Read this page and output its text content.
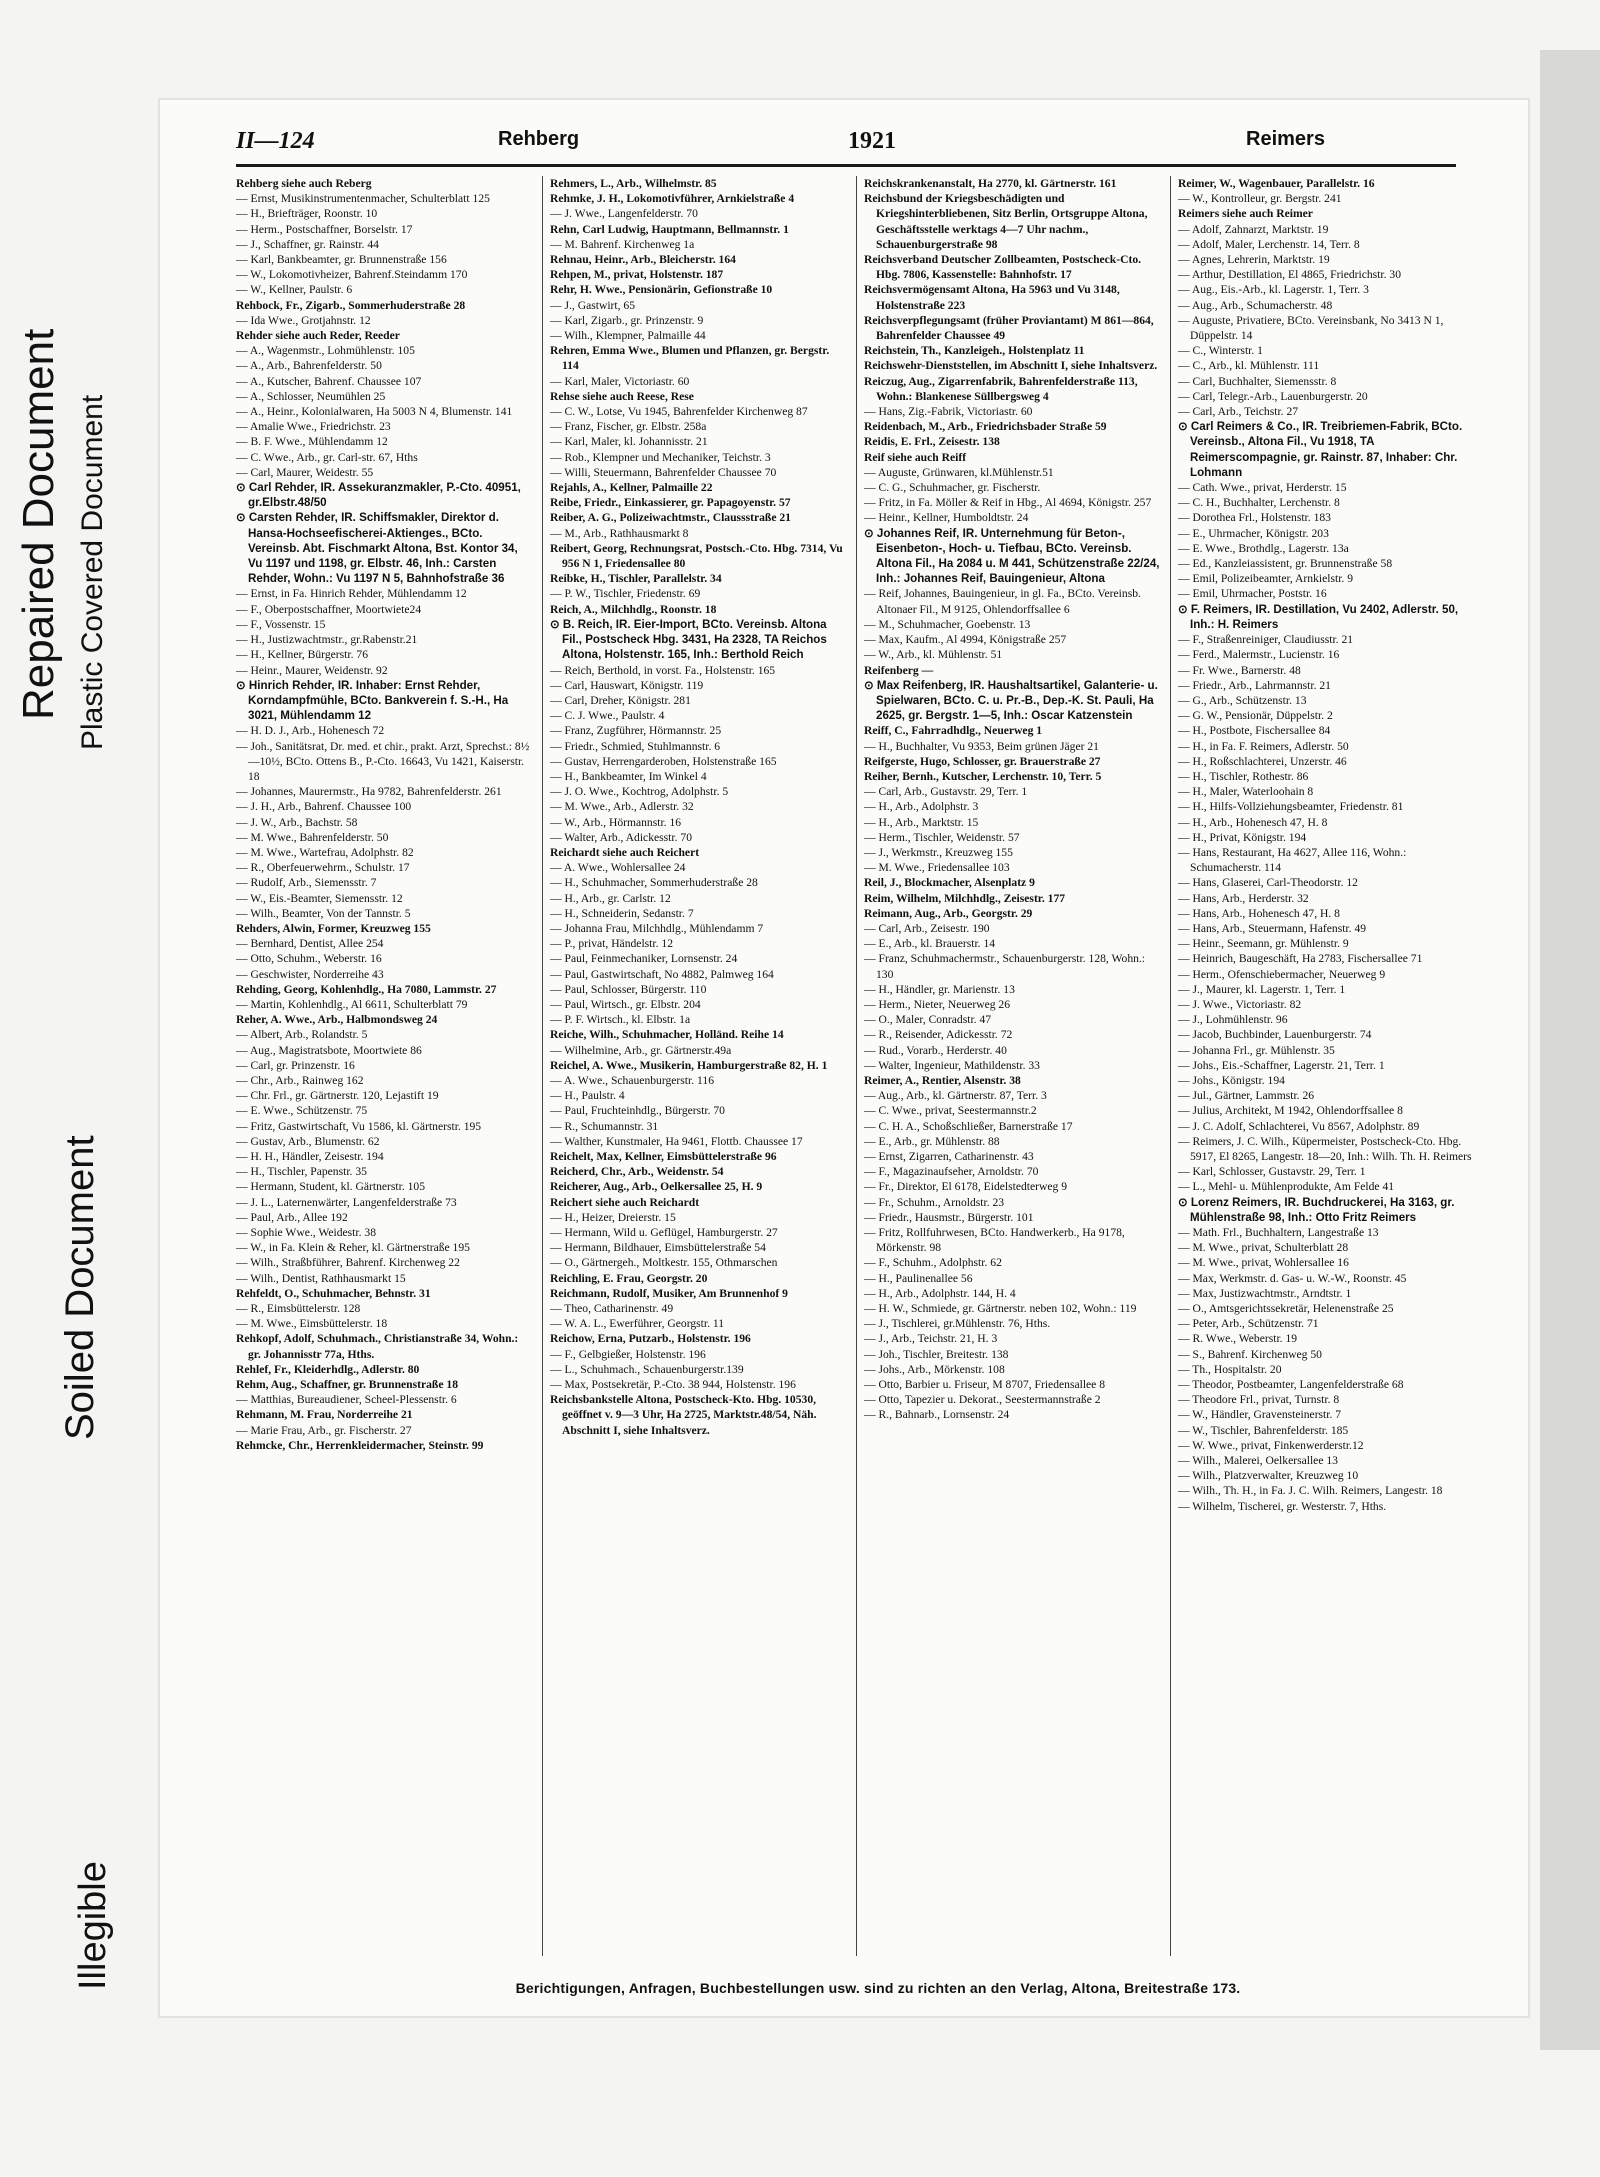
Repaired Document Plastic Covered Document
Soiled Document
Illegible
II—124	Rehberg	1921	Reimers

Rehberg siehe auch Reberg

— Ernst, Musikinstrumentenmacher, Schulterblatt 125

— H., Briefträger, Roonstr. 10

— Herm., Postschaffner, Borselstr. 17

— J., Schaffner, gr. Rainstr. 44

— Karl, Bankbeamter, gr. Brunnenstraße 156

— W., Lokomotivheizer, Bahrenf.Steindamm 170

— W., Kellner, Paulstr. 6

Rehbock, Fr., Zigarb., Sommerhuderstraße 28

— Ida Wwe., Grotjahnstr. 12

Rehder siehe auch Reder, Reeder

— A., Wagenmstr., Lohmühlenstr. 105

— A., Arb., Bahrenfelderstr. 50

— A., Kutscher, Bahrenf. Chaussee 107

— A., Schlosser, Neumühlen 25

— A., Heinr., Kolonialwaren, Ha 5003 N 4, Blumenstr. 141

— Amalie Wwe., Friedrichstr. 23

— B. F. Wwe., Mühlendamm 12

— C. Wwe., Arb., gr. Carl-str. 67, Hths

— Carl, Maurer, Weidestr. 55

⊙ Carl Rehder, IR. Assekuranzmakler, P.-Cto. 40951, gr.Elbstr.48/50

⊙ Carsten Rehder, IR. Schiffsmakler, Direktor d. Hansa-Hochseefischerei-Aktienges., BCto. Vereinsb. Abt. Fischmarkt Altona, Bst. Kontor 34, Vu 1197 und 1198, gr. Elbstr. 46, Inh.: Carsten Rehder, Wohn.: Vu 1197 N 5, Bahnhofstraße 36

— Ernst, in Fa. Hinrich Rehder, Mühlendamm 12

— F., Oberpostschaffner, Moortwiete24

— F., Vossenstr. 15

— H., Justizwachtmstr., gr.Rabenstr.21

— H., Kellner, Bürgerstr. 76

— Heinr., Maurer, Weidenstr. 92

⊙ Hinrich Rehder, IR. Inhaber: Ernst Rehder, Korndampfmühle, BCto. Bankverein f. S.-H., Ha 3021, Mühlendamm 12

— H. D. J., Arb., Hohenesch 72

— Joh., Sanitätsrat, Dr. med. et chir., prakt. Arzt, Sprechst.: 8½—10½, BCto. Ottens B., P.-Cto. 16643, Vu 1421, Kaiserstr. 18

— Johannes, Maurermstr., Ha 9782, Bahrenfelderstr. 261

— J. H., Arb., Bahrenf. Chaussee 100

— J. W., Arb., Bachstr. 58

— M. Wwe., Bahrenfelderstr. 50

— M. Wwe., Wartefrau, Adolphstr. 82

— R., Oberfeuerwehrm., Schulstr. 17

— Rudolf, Arb., Siemensstr. 7

— W., Eis.-Beamter, Siemensstr. 12

— Wilh., Beamter, Von der Tannstr. 5

Rehders, Alwin, Former, Kreuzweg 155

— Bernhard, Dentist, Allee 254

— Otto, Schuhm., Weberstr. 16

— Geschwister, Norderreihe 43

Rehding, Georg, Kohlenhdlg., Ha 7080, Lammstr. 27

— Martin, Kohlenhdlg., Al 6611, Schulterblatt 79

Reher, A. Wwe., Arb., Halbmondsweg 24

— Albert, Arb., Rolandstr. 5

— Aug., Magistratsbote, Moortwiete 86

— Carl, gr. Prinzenstr. 16

— Chr., Arb., Rainweg 162

— Chr. Frl., gr. Gärtnerstr. 120, Lejastift 19

— E. Wwe., Schützenstr. 75

— Fritz, Gastwirtschaft, Vu 1586, kl. Gärtnerstr. 195

— Gustav, Arb., Blumenstr. 62

— H. H., Händler, Zeisestr. 194

— H., Tischler, Papenstr. 35

— Hermann, Student, kl. Gärtnerstr. 105

— J. L., Laternenwärter, Langenfelderstraße 73

— Paul, Arb., Allee 192

— Sophie Wwe., Weidestr. 38

— W., in Fa. Klein & Reher, kl. Gärtnerstraße 195

— Wilh., Straßbführer, Bahrenf. Kirchenweg 22

— Wilh., Dentist, Rathhausmarkt 15

Rehfeldt, O., Schuhmacher, Behnstr. 31

— R., Eimsbüttelerstr. 128

— M. Wwe., Eimsbüttelerstr. 18

Rehkopf, Adolf, Schuhmach., Christianstraße 34, Wohn.: gr. Johannisstr 77a, Hths.

Rehlef, Fr., Kleiderhdlg., Adlerstr. 80

Rehm, Aug., Schaffner, gr. Brunnenstraße 18

— Matthias, Bureaudiener, Scheel-Plessenstr. 6

Rehmann, M. Frau, Norderreihe 21

— Marie Frau, Arb., gr. Fischerstr. 27

Rehmcke, Chr., Herrenkleidermacher, Steinstr. 99

Rehmers, L., Arb., Wilhelmstr. 85

Rehmke, J. H., Lokomotivführer, Arnkielstraße 4

— J. Wwe., Langenfelderstr. 70

Rehn, Carl Ludwig, Hauptmann, Bellmannstr. 1

— M. Bahrenf. Kirchenweg 1a

Rehnau, Heinr., Arb., Bleicherstr. 164

Rehpen, M., privat, Holstenstr. 187

Rehr, H. Wwe., Pensionärin, Gefionstraße 10

— J., Gastwirt, 65

— Karl, Zigarb., gr. Prinzenstr. 9

— Wilh., Klempner, Palmaille 44

Rehren, Emma Wwe., Blumen und Pflanzen, gr. Bergstr. 114

— Karl, Maler, Victoriastr. 60

Rehse siehe auch Reese, Rese

— C. W., Lotse, Vu 1945, Bahrenfelder Kirchenweg 87

— Franz, Fischer, gr. Elbstr. 258a

— Karl, Maler, kl. Johannisstr. 21

— Rob., Klempner und Mechaniker, Teichstr. 3

— Willi, Steuermann, Bahrenfelder Chaussee 70

Rejahls, A., Kellner, Palmaille 22

Reibe, Friedr., Einkassierer, gr. Papagoyenstr. 57

Reiber, A. G., Polizeiwachtmstr., Claussstraße 21

— M., Arb., Rathhausmarkt 8

Reibert, Georg, Rechnungsrat, Postsch.-Cto. Hbg. 7314, Vu 956 N 1, Friedensallee 80

Reibke, H., Tischler, Parallelstr. 34

— P. W., Tischler, Friedenstr. 69

Reich, A., Milchhdlg., Roonstr. 18

⊙ B. Reich, IR. Eier-Import, BCto. Vereinsb. Altona Fil., Postscheck Hbg. 3431, Ha 2328, TA Reichos Altona, Holstenstr. 165, Inh.: Berthold Reich

— Reich, Berthold, in vorst. Fa., Holstenstr. 165

— Carl, Hauswart, Königstr. 119

— Carl, Dreher, Königstr. 281

— C. J. Wwe., Paulstr. 4

— Franz, Zugführer, Hörmannstr. 25

— Friedr., Schmied, Stuhlmannstr. 6

— Gustav, Herrengarderoben, Holstenstraße 165

— H., Bankbeamter, Im Winkel 4

— J. O. Wwe., Kochtrog, Adolphstr. 5

— M. Wwe., Arb., Adlerstr. 32

— W., Arb., Hörmannstr. 16

— Walter, Arb., Adickesstr. 70

Reichardt siehe auch Reichert

— A. Wwe., Wohlersallee 24

— H., Schuhmacher, Sommerhuderstraße 28

— H., Arb., gr. Carlstr. 12

— H., Schneiderin, Sedanstr. 7

— Johanna Frau, Milchhdlg., Mühlendamm 7

— P., privat, Händelstr. 12

— Paul, Feinmechaniker, Lornsenstr. 24

— Paul, Gastwirtschaft, No 4882, Palmweg 164

— Paul, Schlosser, Bürgerstr. 110

— Paul, Wirtsch., gr. Elbstr. 204

— P. F. Wirtsch., kl. Elbstr. 1a

Reiche, Wilh., Schuhmacher, Holländ. Reihe 14

— Wilhelmine, Arb., gr. Gärtnerstr.49a

Reichel, A. Wwe., Musikerin, Hamburgerstraße 82, H. 1

— A. Wwe., Schauenburgerstr. 116

— H., Paulstr. 4

— Paul, Fruchteinhdlg., Bürgerstr. 70

— R., Schumannstr. 31

— Walther, Kunstmaler, Ha 9461, Flottb. Chaussee 17

Reichelt, Max, Kellner, Eimsbüttelerstraße 96

Reicherd, Chr., Arb., Weidenstr. 54

Reicherer, Aug., Arb., Oelkersallee 25, H. 9

Reichert siehe auch Reichardt

— H., Heizer, Dreierstr. 15

— Hermann, Wild u. Geflügel, Hamburgerstr. 27

— Hermann, Bildhauer, Eimsbüttelerstraße 54

— O., Gärtnergeh., Moltkestr. 155, Othmarschen

Reichling, E. Frau, Georgstr. 20

Reichmann, Rudolf, Musiker, Am Brunnenhof 9

— Theo, Catharinenstr. 49

— W. A. L., Ewerführer, Georgstr. 11

Reichow, Erna, Putzarb., Holstenstr. 196

— F., Gelbgießer, Holstenstr. 196

— L., Schuhmach., Schauenburgerstr.139

— Max, Postsekretär, P.-Cto. 38 944, Holstenstr. 196

Reichsbankstelle Altona, Postscheck-Kto. Hbg. 10530, geöffnet v. 9—3 Uhr, Ha 2725, Marktstr.48/54, Näh. Abschnitt I, siehe Inhaltsverz.

Reichskrankenanstalt, Ha 2770, kl. Gärtnerstr. 161

Reichsbund der Kriegsbeschädigten und Kriegshinterbliebenen, Sitz Berlin, Ortsgruppe Altona, Geschäftsstelle werktags 4—7 Uhr nachm., Schauenburgerstraße 98

Reichsverband Deutscher Zollbeamten, Postscheck-Cto. Hbg. 7806, Kassenstelle: Bahnhofstr. 17

Reichsvermögensamt Altona, Ha 5963 und Vu 3148, Holstenstraße 223

Reichsverpflegungsamt (früher Proviantamt) M 861—864, Bahrenfelder Chaussee 49

Reichstein, Th., Kanzleigeh., Holstenplatz 11

Reichswehr-Dienststellen, im Abschnitt I, siehe Inhaltsverz.

Reiczug, Aug., Zigarrenfabrik, Bahrenfelderstraße 113, Wohn.: Blankenese Süllbergsweg 4

— Hans, Zig.-Fabrik, Victoriastr. 60

Reidenbach, M., Arb., Friedrichsbader Straße 59

Reidis, E. Frl., Zeisestr. 138

Reif siehe auch Reiff

— Auguste, Grünwaren, kl.Mühlenstr.51

— C. G., Schuhmacher, gr. Fischerstr.

— Fritz, in Fa. Möller & Reif in Hbg., Al 4694, Königstr. 257

— Heinr., Kellner, Humboldtstr. 24

⊙ Johannes Reif, IR. Unternehmung für Beton-, Eisenbeton-, Hoch- u. Tiefbau, BCto. Vereinsb. Altona Fil., Ha 2084 u. M 441, Schützenstraße 22/24, Inh.: Johannes Reif, Bauingenieur, Altona

— Reif, Johannes, Bauingenieur, in gl. Fa., BCto. Vereinsb. Altonaer Fil., M 9125, Ohlendorffsallee 6

— M., Schuhmacher, Goebenstr. 13

— Max, Kaufm., Al 4994, Königstraße 257

— W., Arb., kl. Mühlenstr. 51

Reifenberg —

⊙ Max Reifenberg, IR. Haushaltsartikel, Galanterie- u. Spielwaren, BCto. C. u. Pr.-B., Dep.-K. St. Pauli, Ha 2625, gr. Bergstr. 1—5, Inh.: Oscar Katzenstein

Reiff, C., Fahrradhdlg., Neuerweg 1

— H., Buchhalter, Vu 9353, Beim grünen Jäger 21

Reifgerste, Hugo, Schlosser, gr. Brauerstraße 27

Reiher, Bernh., Kutscher, Lerchenstr. 10, Terr. 5

— Carl, Arb., Gustavstr. 29, Terr. 1

— H., Arb., Adolphstr. 3

— H., Arb., Marktstr. 15

— Herm., Tischler, Weidenstr. 57

— J., Werkmstr., Kreuzweg 155

— M. Wwe., Friedensallee 103

Reil, J., Blockmacher, Alsenplatz 9

Reim, Wilhelm, Milchhdlg., Zeisestr. 177

Reimann, Aug., Arb., Georgstr. 29

— Carl, Arb., Zeisestr. 190

— E., Arb., kl. Brauerstr. 14

— Franz, Schuhmachermstr., Schauenburgerstr. 128, Wohn.: 130

— H., Händler, gr. Marienstr. 13

— Herm., Nieter, Neuerweg 26

— O., Maler, Conradstr. 47

— R., Reisender, Adickesstr. 72

— Rud., Vorarb., Herderstr. 40

— Walter, Ingenieur, Mathildenstr. 33

Reimer, A., Rentier, Alsenstr. 38

— Aug., Arb., kl. Gärtnerstr. 87, Terr. 3

— C. Wwe., privat, Seestermannstr.2

— C. H. A., Schoßschließer, Barnerstraße 17

— E., Arb., gr. Mühlenstr. 88

— Ernst, Zigarren, Catharinenstr. 43

— F., Magazinaufseher, Arnoldstr. 70

— Fr., Direktor, El 6178, Eidelstedterweg 9

— Fr., Schuhm., Arnoldstr. 23

— Friedr., Hausmstr., Bürgerstr. 101

— Fritz, Rollfuhrwesen, BCto. Handwerkerb., Ha 9178, Mörkenstr. 98

— F., Schuhm., Adolphstr. 62

— H., Paulinenallee 56

— H., Arb., Adolphstr. 144, H. 4

— H. W., Schmiede, gr. Gärtnerstr. neben 102, Wohn.: 119

— J., Tischlerei, gr.Mühlenstr. 76, Hths.

— J., Arb., Teichstr. 21, H. 3

— Joh., Tischler, Breitestr. 138

— Johs., Arb., Mörkenstr. 108

— Otto, Barbier u. Friseur, M 8707, Friedensallee 8

— Otto, Tapezier u. Dekorat., Seestermannstraße 2

— R., Bahnarb., Lornsenstr. 24

Reimer, W., Wagenbauer, Parallelstr. 16

— W., Kontrolleur, gr. Bergstr. 241

Reimers siehe auch Reimer

— Adolf, Zahnarzt, Marktstr. 19

— Adolf, Maler, Lerchenstr. 14, Terr. 8

— Agnes, Lehrerin, Marktstr. 19

— Arthur, Destillation, El 4865, Friedrichstr. 30

— Aug., Eis.-Arb., kl. Lagerstr. 1, Terr. 3

— Aug., Arb., Schumacherstr. 48

— Auguste, Privatiere, BCto. Vereinsbank, No 3413 N 1, Düppelstr. 14

— C., Winterstr. 1

— C., Arb., kl. Mühlenstr. 111

— Carl, Buchhalter, Siemensstr. 8

— Carl, Telegr.-Arb., Lauenburgerstr. 20

— Carl, Arb., Teichstr. 27

⊙ Carl Reimers & Co., IR. Treibriemen-Fabrik, BCto. Vereinsb., Altona Fil., Vu 1918, TA Reimerscompagnie, gr. Rainstr. 87, Inhaber: Chr. Lohmann

— Cath. Wwe., privat, Herderstr. 15

— C. H., Buchhalter, Lerchenstr. 8

— Dorothea Frl., Holstenstr. 183

— E., Uhrmacher, Königstr. 203

— E. Wwe., Brothdlg., Lagerstr. 13a

— Ed., Kanzleiassistent, gr. Brunnenstraße 58

— Emil, Polizeibeamter, Arnkielstr. 9

— Emil, Uhrmacher, Poststr. 16

⊙ F. Reimers, IR. Destillation, Vu 2402, Adlerstr. 50, Inh.: H. Reimers

— F., Straßenreiniger, Claudiusstr. 21

— Ferd., Malermstr., Lucienstr. 16

— Fr. Wwe., Barnerstr. 48

— Friedr., Arb., Lahrmannstr. 21

— G., Arb., Schützenstr. 13

— G. W., Pensionär, Düppelstr. 2

— H., Postbote, Fischersallee 84

— H., in Fa. F. Reimers, Adlerstr. 50

— H., Roßschlachterei, Unzerstr. 46

— H., Tischler, Rothestr. 86

— H., Maler, Waterloohain 8

— H., Hilfs-Vollziehungsbeamter, Friedenstr. 81

— H., Arb., Hohenesch 47, H. 8

— H., Privat, Königstr. 194

— Hans, Restaurant, Ha 4627, Allee 116, Wohn.: Schumacherstr. 114

— Hans, Glaserei, Carl-Theodorstr. 12

— Hans, Arb., Herderstr. 32

— Hans, Arb., Hohenesch 47, H. 8

— Hans, Arb., Steuermann, Hafenstr. 49

— Heinr., Seemann, gr. Mühlenstr. 9

— Heinrich, Baugeschäft, Ha 2783, Fischersallee 71

— Herm., Ofenschiebermacher, Neuerweg 9

— J., Maurer, kl. Lagerstr. 1, Terr. 1

— J. Wwe., Victoriastr. 82

— J., Lohmühlenstr. 96

— Jacob, Buchbinder, Lauenburgerstr. 74

— Johanna Frl., gr. Mühlenstr. 35

— Johs., Eis.-Schaffner, Lagerstr. 21, Terr. 1

— Johs., Königstr. 194

— Jul., Gärtner, Lammstr. 26

— Julius, Architekt, M 1942, Ohlendorffsallee 8

— J. C. Adolf, Schlachterei, Vu 8567, Adolphstr. 89

— Reimers, J. C. Wilh., Küpermeister, Postscheck-Cto. Hbg. 5917, El 8265, Langestr. 18—20, Inh.: Wilh. Th. H. Reimers

— Karl, Schlosser, Gustavstr. 29, Terr. 1

— L., Mehl- u. Mühlenprodukte, Am Felde 41

⊙ Lorenz Reimers, IR. Buchdruckerei, Ha 3163, gr. Mühlenstraße 98, Inh.: Otto Fritz Reimers

— Math. Frl., Buchhaltern, Langestraße 13

— M. Wwe., privat, Schulterblatt 28

— M. Wwe., privat, Wohlersallee 16

— Max, Werkmstr. d. Gas- u. W.-W., Roonstr. 45

— Max, Justizwachtmstr., Arndtstr. 1

— O., Amtsgerichtssekretär, Helenenstraße 25

— Peter, Arb., Schützenstr. 71

— R. Wwe., Weberstr. 19

— S., Bahrenf. Kirchenweg 50

— Th., Hospitalstr. 20

— Theodor, Postbeamter, Langenfelderstraße 68

— Theodore Frl., privat, Turnstr. 8

— W., Händler, Gravensteinerstr. 7

— W., Tischler, Bahrenfelderstr. 185

— W. Wwe., privat, Finkenwerderstr.12

— Wilh., Malerei, Oelkersallee 13

— Wilh., Platzverwalter, Kreuzweg 10

— Wilh., Th. H., in Fa. J. C. Wilh. Reimers, Langestr. 18

— Wilhelm, Tischerei, gr. Westerstr. 7, Hths.

Berichtigungen, Anfragen, Buchbestellungen usw. sind zu richten an den Verlag, Altona, Breitestraße 173.
